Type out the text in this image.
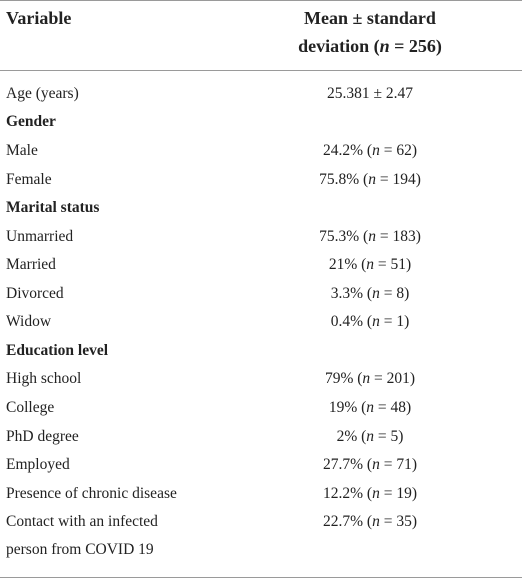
Variable	Mean ± standard
deviation (n = 256)
Age (years)	25.381 ± 2.47
Gender
Male	24.2% (n = 62)
Female	75.8% (n = 194)
Marital status
Unmarried	75.3% (n = 183)
Married	21% (n = 51)
Divorced	3.3% (n = 8)
Widow	0.4% (n = 1)
Education level
High school	79% (n = 201)
College	19% (n = 48)
PhD degree	2% (n = 5)
Employed	27.7% (n = 71)
Presence of chronic disease	12.2% (n = 19)
Contact with an infected	22.7% (n = 35)
person from COVID 19
